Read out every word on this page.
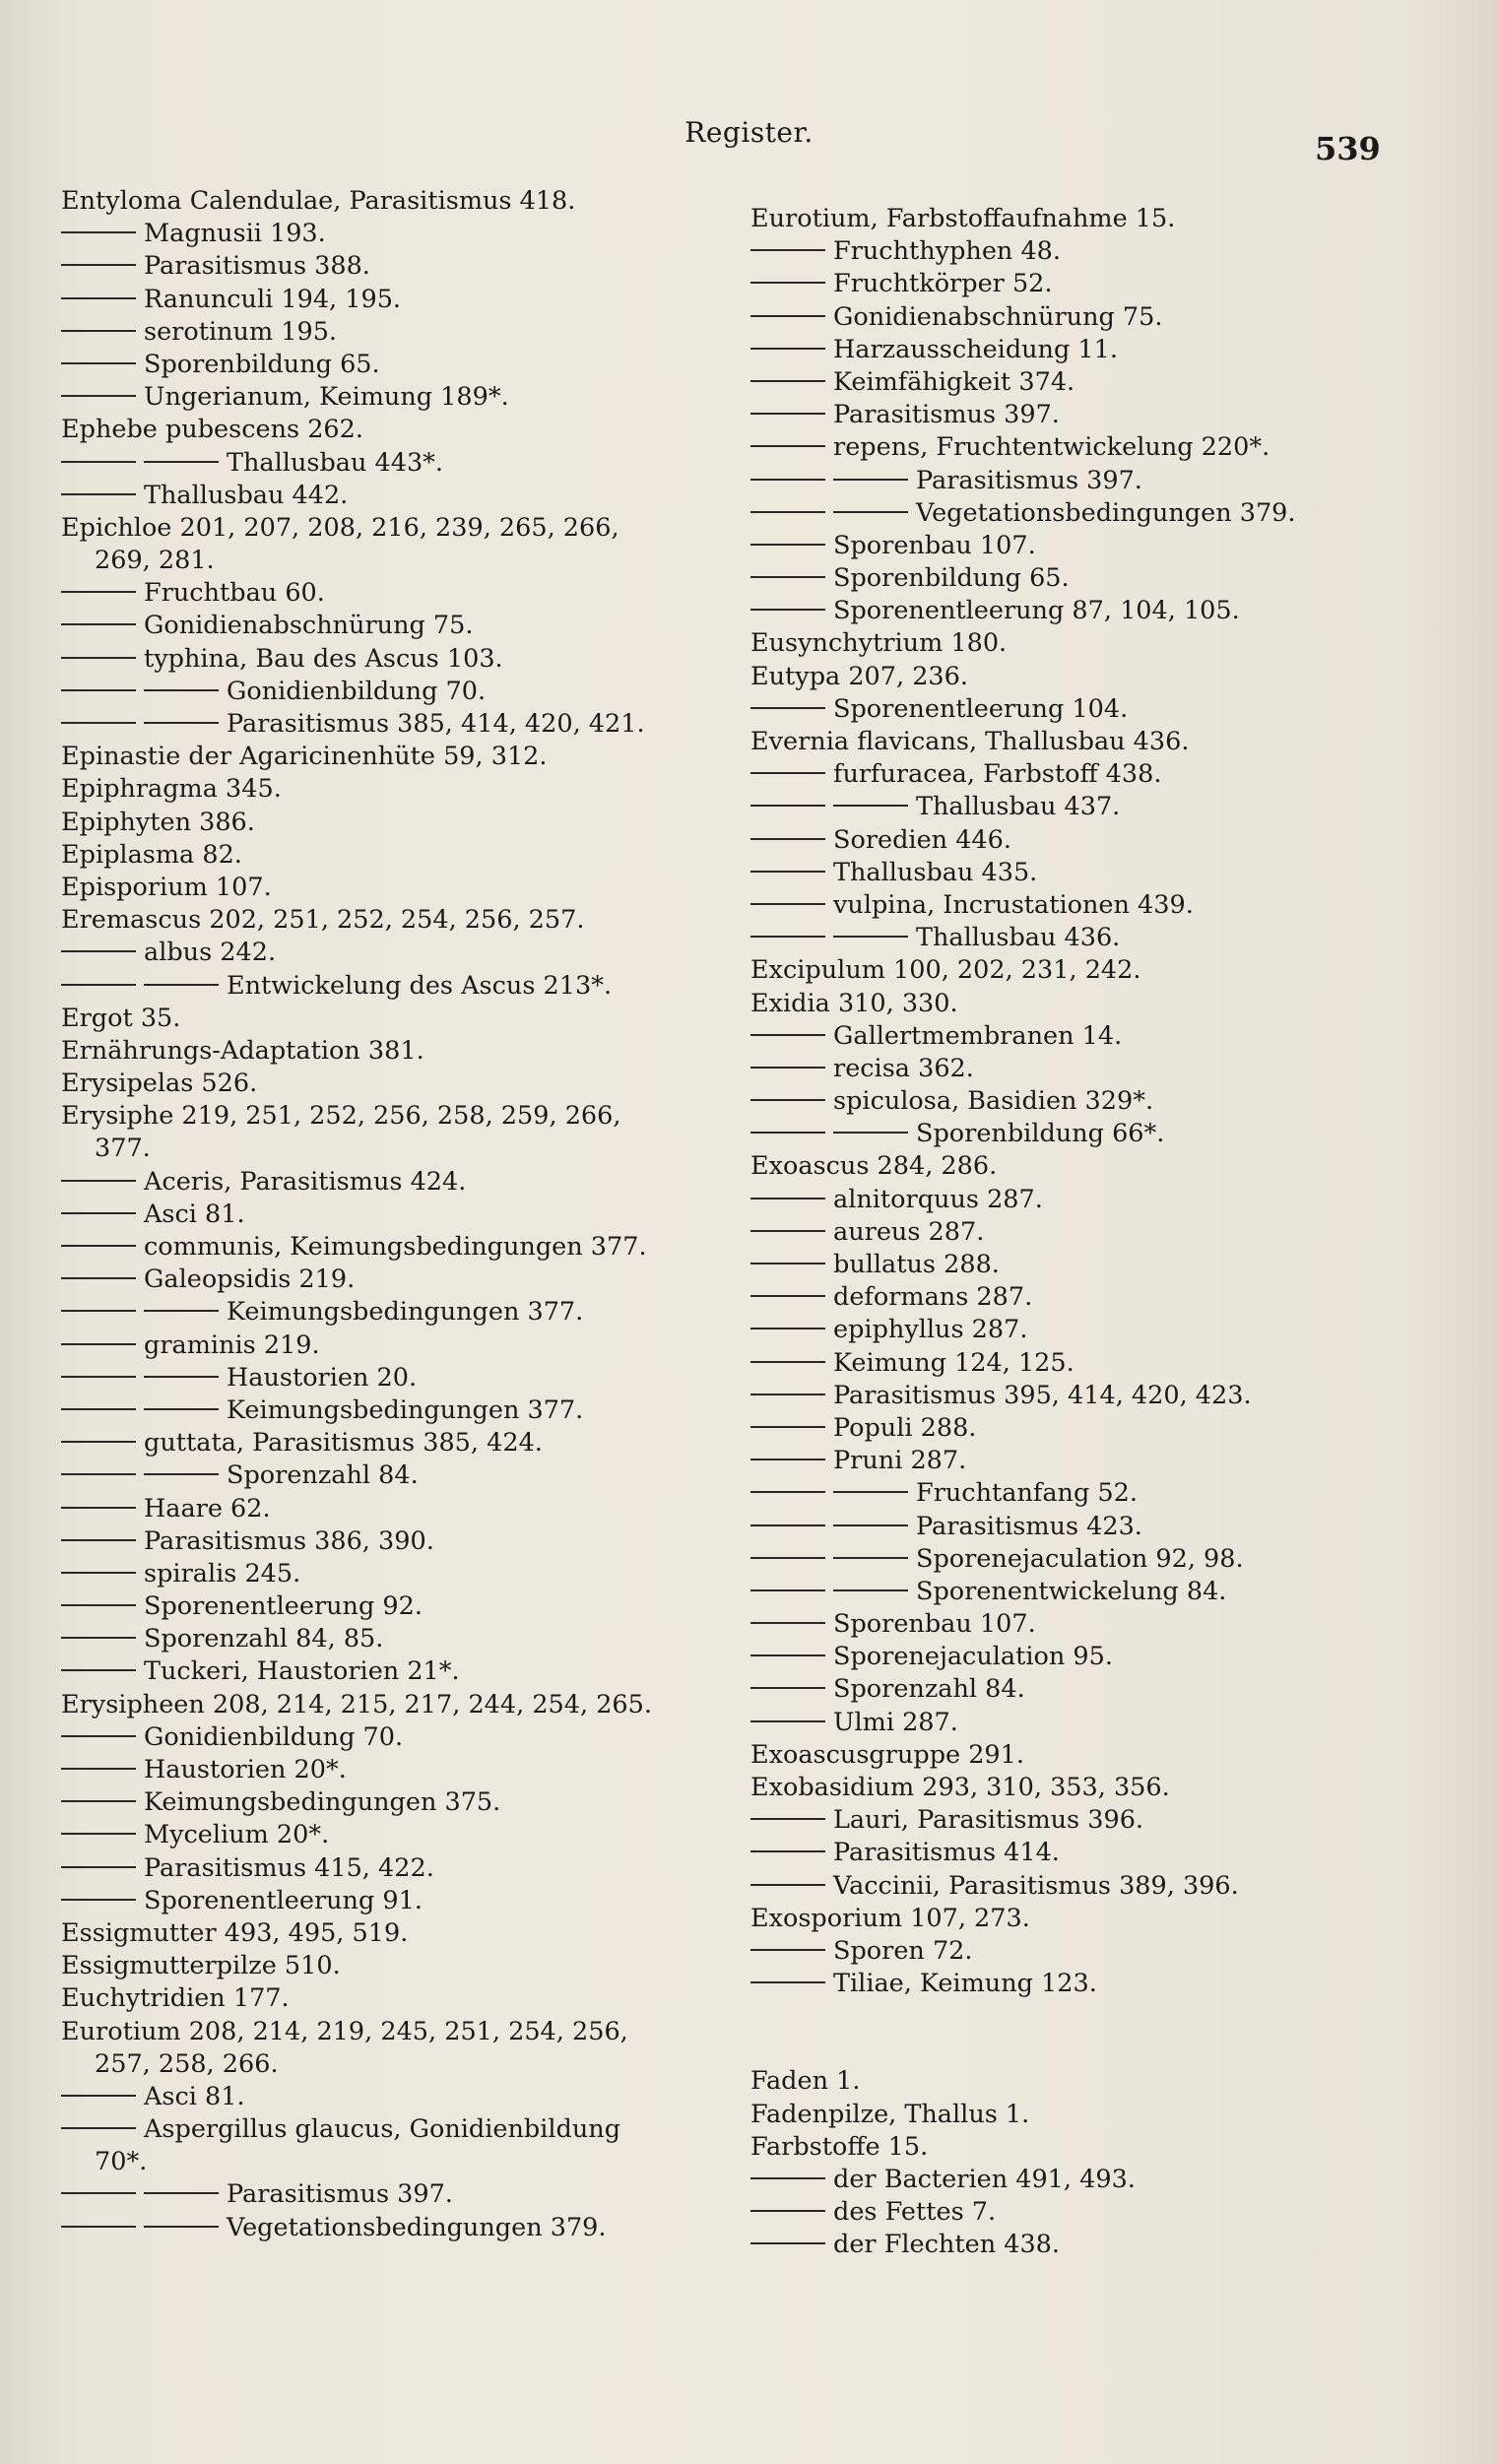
Register.	539
Entyloma Calendulae, Parasitismus 418.
Magnusii 193.
Parasitismus 388.
Ranunculi 194, 195.
serotinum 195.
Sporenbildung 65.
Ungerianum, Keimung 189*.
Ephebe pubescens 262.
Thallusbau 443*.
Thallusbau 442.
Epichloe 201, 207, 208, 216, 239, 265, 266,
269, 281.
Fruchtbau 60.
Gonidienabschnürung 75.
typhina, Bau des Ascus 103.
Gonidienbildung 70.
Parasitismus 385, 414, 420, 421.
Epinastie der Agaricinenhüte 59, 312.
Epiphragma 345.
Epiphyten 386.
Epiplasma 82.
Episporium 107.
Eremascus 202, 251, 252, 254, 256, 257.
albus 242.
Entwickelung des Ascus 213*.
Ergot 35.
Ernährungs-Adaptation 381.
Erysipelas 526.
Erysiphe 219, 251, 252, 256, 258, 259, 266,
377.
Aceris, Parasitismus 424.
Asci 81.
communis, Keimungsbedingungen 377.
Galeopsidis 219.
Keimungsbedingungen 377.
graminis 219.
Haustorien 20.
Keimungsbedingungen 377.
guttata, Parasitismus 385, 424.
Sporenzahl 84.
Haare 62.
Parasitismus 386, 390.
spiralis 245.
Sporenentleerung 92.
Sporenzahl 84, 85.
Tuckeri, Haustorien 21*.
Erysipheen 208, 214, 215, 217, 244, 254, 265.
Gonidienbildung 70.
Haustorien 20*.
Keimungsbedingungen 375.
Mycelium 20*.
Parasitismus 415, 422.
Sporenentleerung 91.
Essigmutter 493, 495, 519.
Essigmutterpilze 510.
Euchytridien 177.
Eurotium 208, 214, 219, 245, 251, 254, 256,
257, 258, 266.
Asci 81.
Aspergillus glaucus, Gonidienbildung
70*.
Parasitismus 397.
Vegetationsbedingungen 379.
Eurotium, Farbstoffaufnahme 15.
Fruchthyphen 48.
Fruchtkörper 52.
Gonidienabschnürung 75.
Harzausscheidung 11.
Keimfähigkeit 374.
Parasitismus 397.
repens, Fruchtentwickelung 220*.
Parasitismus 397.
Vegetationsbedingungen 379.
Sporenbau 107.
Sporenbildung 65.
Sporenentleerung 87, 104, 105.
Eusynchytrium 180.
Eutypa 207, 236.
Sporenentleerung 104.
Evernia flavicans, Thallusbau 436.
furfuracea, Farbstoff 438.
Thallusbau 437.
Soredien 446.
Thallusbau 435.
vulpina, Incrustationen 439.
Thallusbau 436.
Excipulum 100, 202, 231, 242.
Exidia 310, 330.
Gallertmembranen 14.
recisa 362.
spiculosa, Basidien 329*.
Sporenbildung 66*.
Exoascus 284, 286.
alnitorquus 287.
aureus 287.
bullatus 288.
deformans 287.
epiphyllus 287.
Keimung 124, 125.
Parasitismus 395, 414, 420, 423.
Populi 288.
Pruni 287.
Fruchtanfang 52.
Parasitismus 423.
Sporenejaculation 92, 98.
Sporenentwickelung 84.
Sporenbau 107.
Sporenejaculation 95.
Sporenzahl 84.
Ulmi 287.
Exoascusgruppe 291.
Exobasidium 293, 310, 353, 356.
Lauri, Parasitismus 396.
Parasitismus 414.
Vaccinii, Parasitismus 389, 396.
Exosporium 107, 273.
Sporen 72.
Tiliae, Keimung 123.
Faden 1.
Fadenpilze, Thallus 1.
Farbstoffe 15.
der Bacterien 491, 493.
des Fettes 7.
der Flechten 438.
